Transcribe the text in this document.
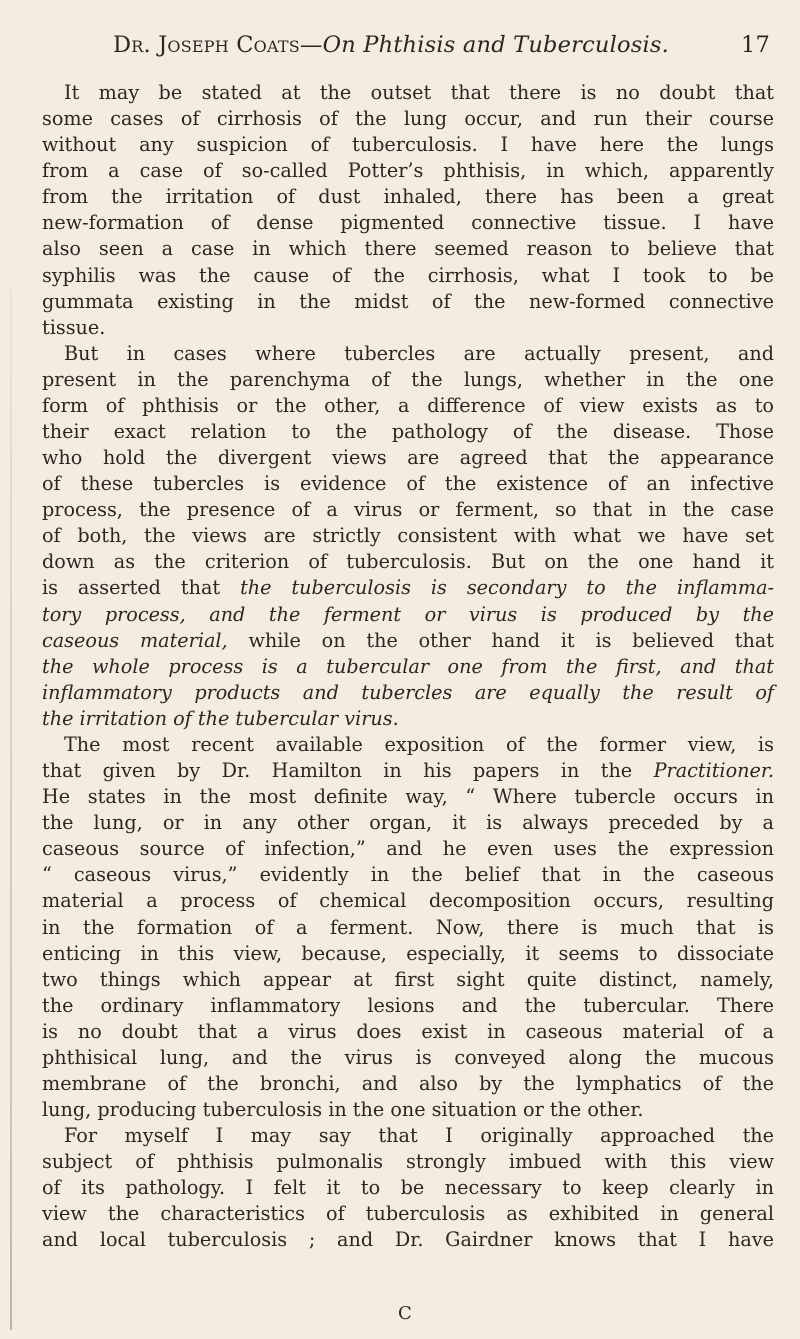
Dr. Joseph Coats—On Phthisis and Tuberculosis.	17
It may be stated at the outset that there is no doubt that
some cases of cirrhosis of the lung occur, and run their course
without any suspicion of tuberculosis. I have here the lungs
from a case of so-called Potter’s phthisis, in which, apparently
from the irritation of dust inhaled, there has been a great
new-formation of dense pigmented connective tissue. I have
also seen a case in which there seemed reason to believe that
syphilis was the cause of the cirrhosis, what I took to be
gummata existing in the midst of the new-formed connective
tissue.
But in cases where tubercles are actually present, and
present in the parenchyma of the lungs, whether in the one
form of phthisis or the other, a difference of view exists as to
their exact relation to the pathology of the disease. Those
who hold the divergent views are agreed that the appearance
of these tubercles is evidence of the existence of an infective
process, the presence of a virus or ferment, so that in the case
of both, the views are strictly consistent with what we have set
down as the criterion of tuberculosis. But on the one hand it
is asserted that the tuberculosis is secondary to the inflamma-
tory process, and the ferment or virus is produced by the
caseous material, while on the other hand it is believed that
the whole process is a tubercular one from the first, and that
inflammatory products and tubercles are equally the result of
the irritation of the tubercular virus.
The most recent available exposition of the former view, is
that given by Dr. Hamilton in his papers in the Practitioner.
He states in the most definite way, “ Where tubercle occurs in
the lung, or in any other organ, it is always preceded by a
caseous source of infection,” and he even uses the expression
“ caseous virus,” evidently in the belief that in the caseous
material a process of chemical decomposition occurs, resulting
in the formation of a ferment. Now, there is much that is
enticing in this view, because, especially, it seems to dissociate
two things which appear at first sight quite distinct, namely,
the ordinary inflammatory lesions and the tubercular. There
is no doubt that a virus does exist in caseous material of a
phthisical lung, and the virus is conveyed along the mucous
membrane of the bronchi, and also by the lymphatics of the
lung, producing tuberculosis in the one situation or the other.
For myself I may say that I originally approached the
subject of phthisis pulmonalis strongly imbued with this view
of its pathology. I felt it to be necessary to keep clearly in
view the characteristics of tuberculosis as exhibited in general
and local tuberculosis ; and Dr. Gairdner knows that I have
C
